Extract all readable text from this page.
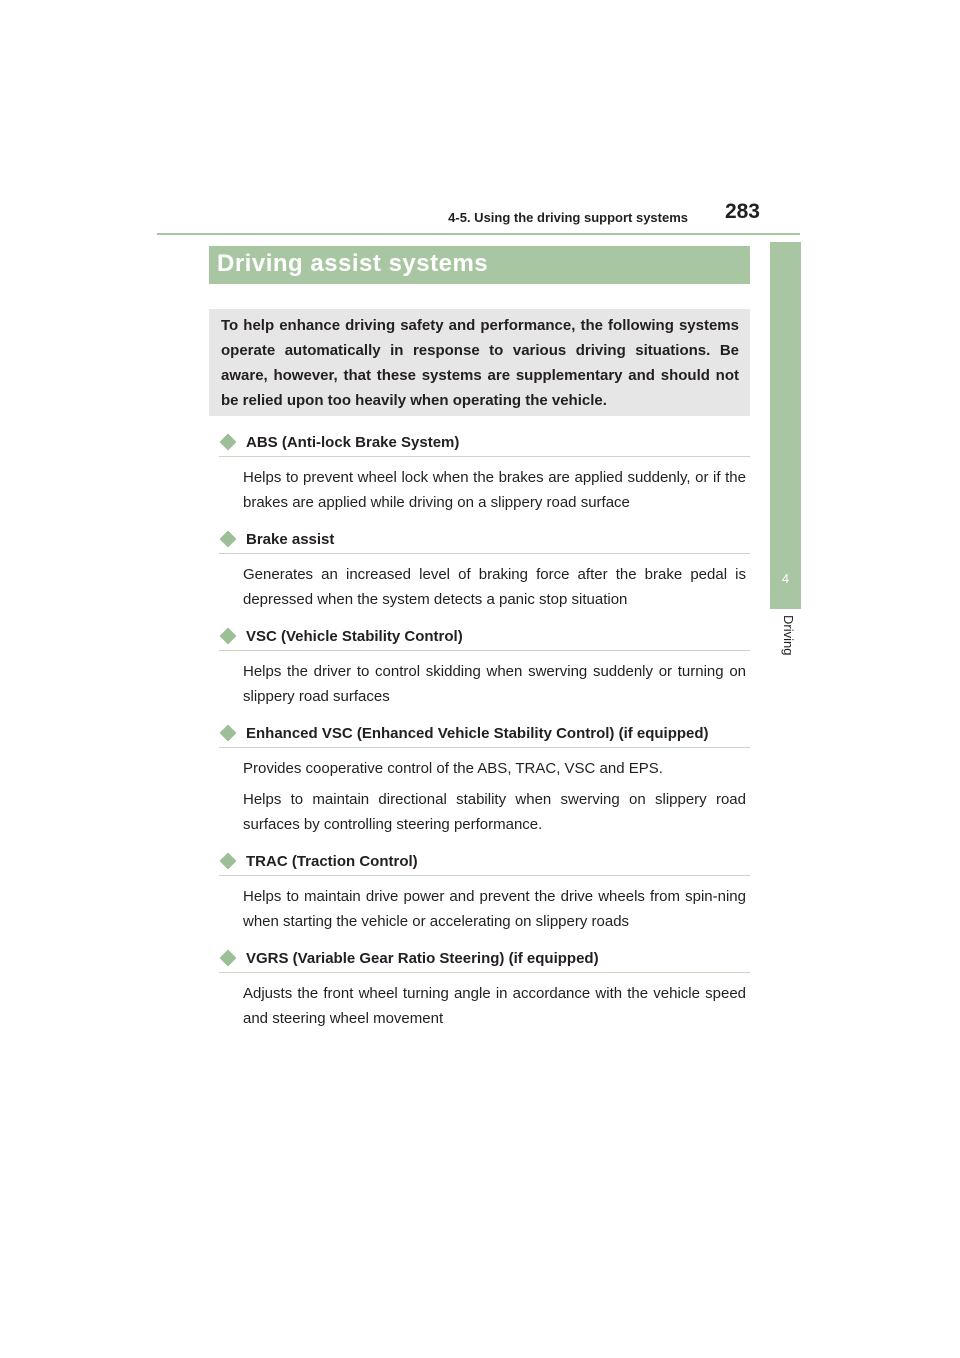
4-5. Using the driving support systems	283
4
Driving
Driving assist systems
To help enhance driving safety and performance, the following systems operate automatically in response to various driving situations. Be aware, however, that these systems are supplementary and should not be relied upon too heavily when operating the vehicle.
ABS (Anti-lock Brake System)

Helps to prevent wheel lock when the brakes are applied suddenly, or if the brakes are applied while driving on a slippery road surface

Brake assist

Generates an increased level of braking force after the brake pedal is depressed when the system detects a panic stop situation

VSC (Vehicle Stability Control)

Helps the driver to control skidding when swerving suddenly or turning on slippery road surfaces

Enhanced VSC (Enhanced Vehicle Stability Control) (if equipped)

Provides cooperative control of the ABS, TRAC, VSC and EPS.

Helps to maintain directional stability when swerving on slippery road surfaces by controlling steering performance.

TRAC (Traction Control)

Helps to maintain drive power and prevent the drive wheels from spin-ning when starting the vehicle or accelerating on slippery roads

VGRS (Variable Gear Ratio Steering) (if equipped)

Adjusts the front wheel turning angle in accordance with the vehicle speed and steering wheel movement
